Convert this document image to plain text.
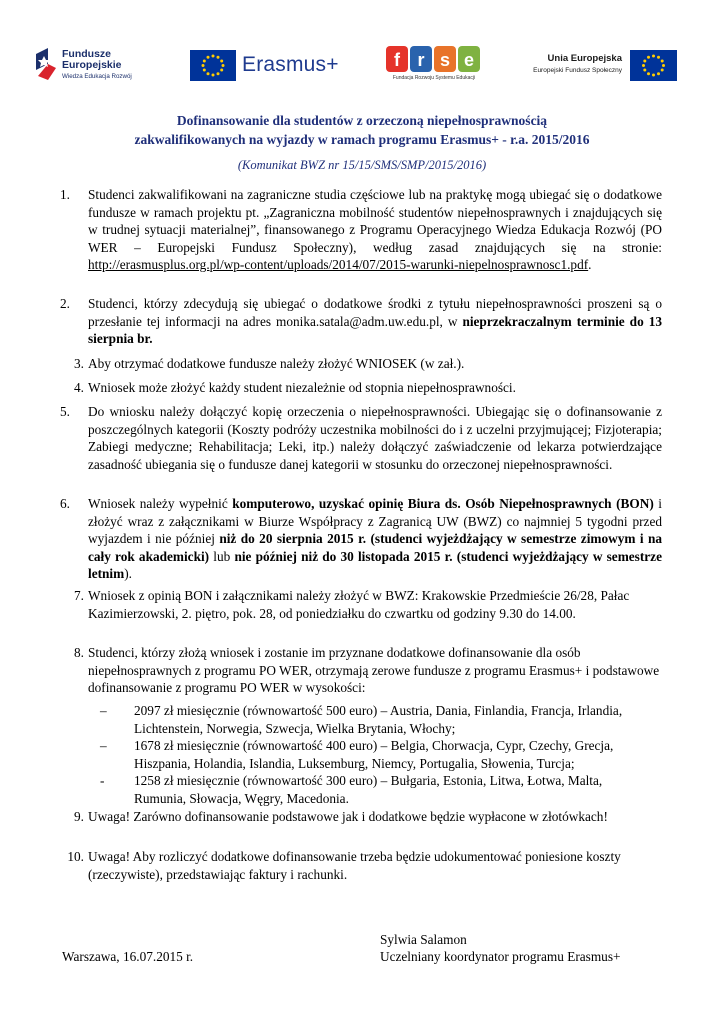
Fundusze
Europejskie
Wiedza Edukacja Rozwój
Erasmus+	f r s e
Fundacja Rozwoju Systemu Edukacji
Unia Europejska
Europejski Fundusz Społeczny
Dofinansowanie dla studentów z orzeczoną niepełnosprawnością
zakwalifikowanych na wyjazdy w ramach programu Erasmus+ - r.a. 2015/2016
(Komunikat BWZ nr 15/15/SMS/SMP/2015/2016)
1.	Studenci zakwalifikowani na zagraniczne studia częściowe lub na praktykę mogą ubiegać się o dodatkowe fundusze w ramach projektu pt. „Zagraniczna mobilność studentów niepełnosprawnych i znajdujących się w trudnej sytuacji materialnej”, finansowanego z Programu Operacyjnego Wiedza Edukacja Rozwój (PO WER – Europejski Fundusz Społeczny), według zasad znajdujących się na stronie: http://erasmusplus.org.pl/wp-content/uploads/2014/07/2015-warunki-niepelnosprawnosc1.pdf.
2.	Studenci, którzy zdecydują się ubiegać o dodatkowe środki z tytułu niepełnosprawności proszeni są o przesłanie tej informacji na adres monika.satala@adm.uw.edu.pl, w nieprzekraczalnym terminie do 13 sierpnia br.
3. Aby otrzymać dodatkowe fundusze należy złożyć WNIOSEK (w zał.).
4. Wniosek może złożyć każdy student niezależnie od stopnia niepełnosprawności.
5.	Do wniosku należy dołączyć kopię orzeczenia o niepełnosprawności. Ubiegając się o dofinansowanie z poszczególnych kategorii (Koszty podróży uczestnika mobilności do i z uczelni przyjmującej; Fizjoterapia; Zabiegi medyczne; Rehabilitacja; Leki, itp.) należy dołączyć zaświadczenie od lekarza potwierdzające zasadność ubiegania się o fundusze danej kategorii w stosunku do orzeczonej niepełnosprawności.
6.	Wniosek należy wypełnić komputerowo, uzyskać opinię Biura ds. Osób Niepełnosprawnych (BON) i złożyć wraz z załącznikami w Biurze Współpracy z Zagranicą UW (BWZ) co najmniej 5 tygodni przed wyjazdem i nie później niż do 20 sierpnia 2015 r. (studenci wyjeżdżający w semestrze zimowym i na cały rok akademicki) lub nie później niż do 30 listopada 2015 r. (studenci wyjeżdżający w semestrze letnim).
7. Wniosek z opinią BON i załącznikami należy złożyć w BWZ: Krakowskie Przedmieście 26/28, Pałac Kazimierzowski, 2. piętro, pok. 28, od poniedziałku do czwartku od godziny 9.30 do 14.00.
8. Studenci, którzy złożą wniosek i zostanie im przyznane dodatkowe dofinansowanie dla osób niepełnosprawnych z programu PO WER, otrzymają zerowe fundusze z programu Erasmus+ i podstawowe dofinansowanie z programu PO WER w wysokości:
– 2097 zł miesięcznie (równowartość 500 euro) – Austria, Dania, Finlandia, Francja, Irlandia, Lichtenstein, Norwegia, Szwecja, Wielka Brytania, Włochy;
– 1678 zł miesięcznie (równowartość 400 euro) – Belgia, Chorwacja, Cypr, Czechy, Grecja, Hiszpania, Holandia, Islandia, Luksemburg, Niemcy, Portugalia, Słowenia, Turcja;
- 1258 zł miesięcznie (równowartość 300 euro) – Bułgaria, Estonia, Litwa, Łotwa, Malta, Rumunia, Słowacja, Węgry, Macedonia.
9. Uwaga! Zarówno dofinansowanie podstawowe jak i dodatkowe będzie wypłacone w złotówkach!
10. Uwaga! Aby rozliczyć dodatkowe dofinansowanie trzeba będzie udokumentować poniesione koszty (rzeczywiste), przedstawiając faktury i rachunki.
Warszawa, 16.07.2015 r.
Sylwia Salamon
Uczelniany koordynator programu Erasmus+
